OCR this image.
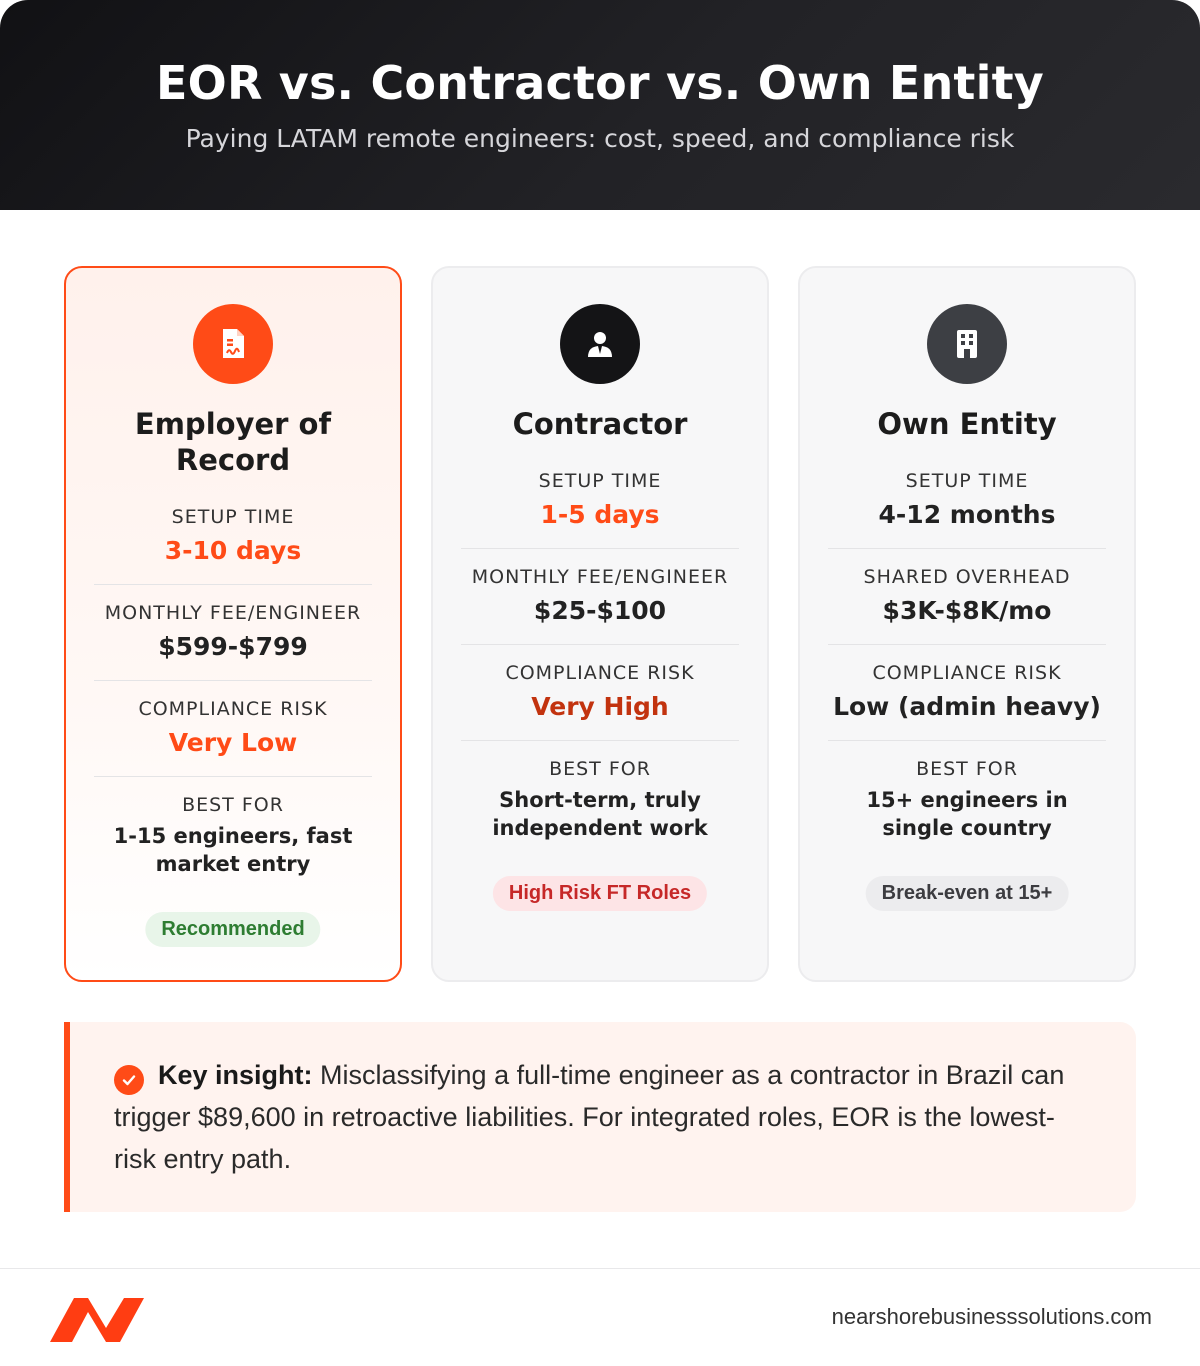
EOR vs. Contractor vs. Own Entity
Paying LATAM remote engineers: cost, speed, and compliance risk
Employer of Record
SETUP TIME
3-10 days
MONTHLY FEE/ENGINEER
$599-$799
COMPLIANCE RISK
Very Low
BEST FOR
1-15 engineers, fast market entry
Recommended
Contractor
SETUP TIME
1-5 days
MONTHLY FEE/ENGINEER
$25-$100
COMPLIANCE RISK
Very High
BEST FOR
Short-term, truly independent work
High Risk FT Roles
Own Entity
SETUP TIME
4-12 months
SHARED OVERHEAD
$3K-$8K/mo
COMPLIANCE RISK
Low (admin heavy)
BEST FOR
15+ engineers in single country
Break-even at 15+
Key insight: Misclassifying a full-time engineer as a contractor in Brazil can trigger $89,600 in retroactive liabilities. For integrated roles, EOR is the lowest-risk entry path.
nearshorebusinesssolutions.com
